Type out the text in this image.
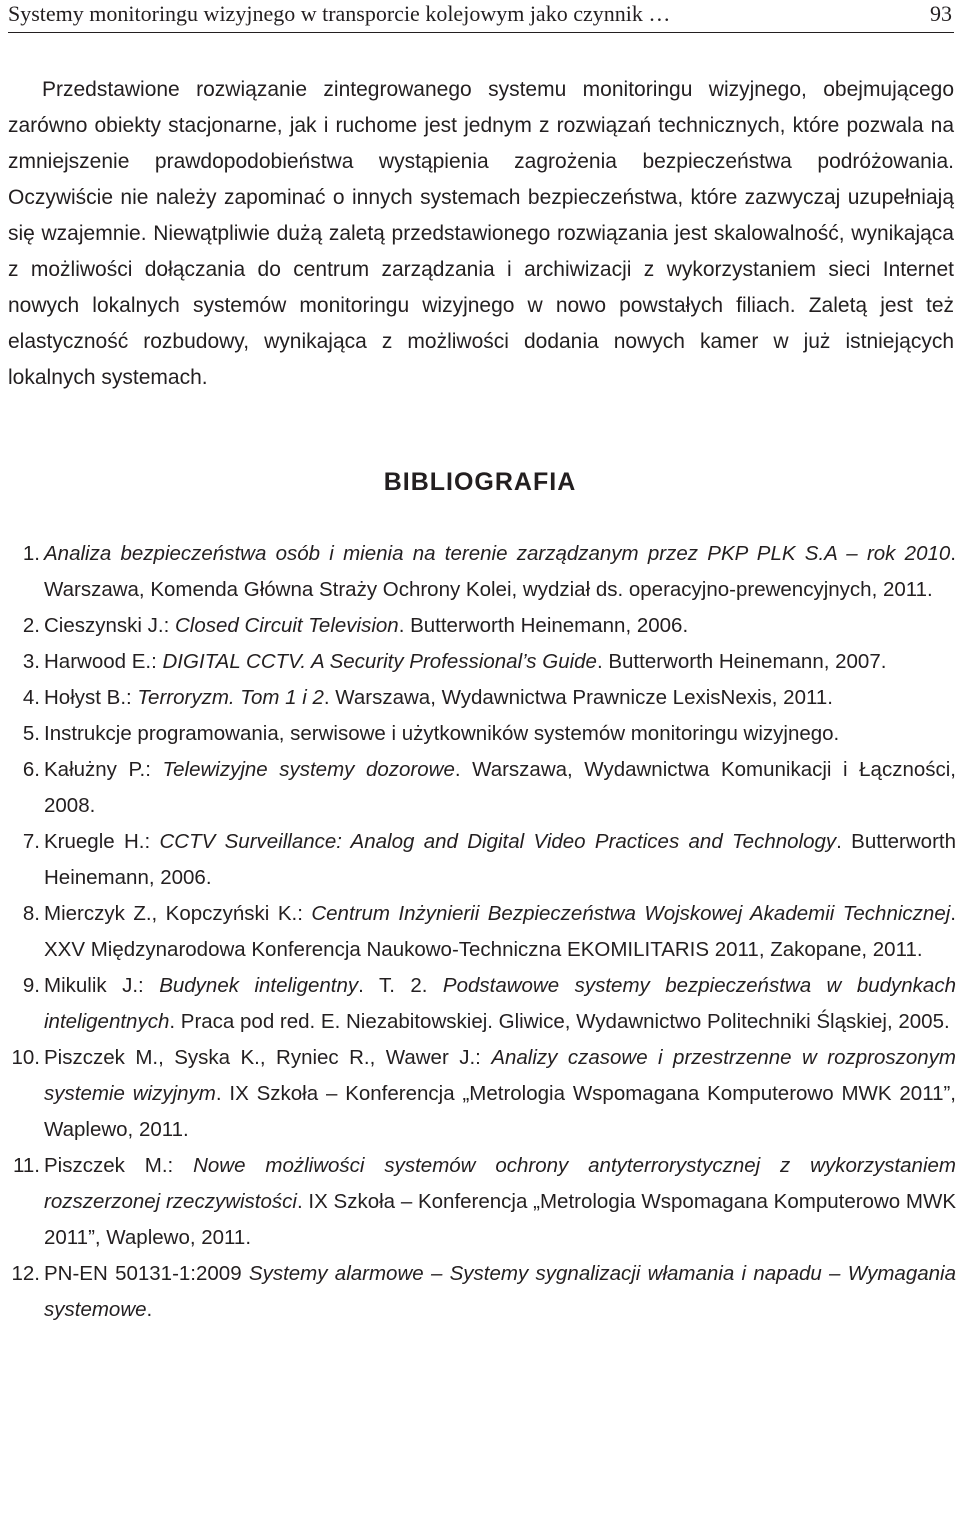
Systemy monitoringu wizyjnego w transporcie kolejowym jako czynnik …	93

Przedstawione rozwiązanie zintegrowanego systemu monitoringu wizyjnego, obejmującego zarówno obiekty stacjonarne, jak i ruchome jest jednym z rozwiązań technicznych, które pozwala na zmniejszenie prawdopodobieństwa wystąpienia zagrożenia bezpieczeństwa podróżowania. Oczywiście nie należy zapominać o innych systemach bezpieczeństwa, które zazwyczaj uzupełniają się wzajemnie. Niewątpliwie dużą zaletą przedstawionego rozwiązania jest skalowalność, wynikająca z możliwości dołączania do centrum zarządzania i archiwizacji z wykorzystaniem sieci Internet nowych lokalnych systemów monitoringu wizyjnego w nowo powstałych filiach. Zaletą jest też elastyczność rozbudowy, wynikająca z możliwości dodania nowych kamer w już istniejących lokalnych systemach.

BIBLIOGRAFIA
1. Analiza bezpieczeństwa osób i mienia na terenie zarządzanym przez PKP PLK S.A – rok 2010. Warszawa, Komenda Główna Straży Ochrony Kolei, wydział ds. operacyjno-prewencyjnych, 2011.
2. Cieszynski J.: Closed Circuit Television. Butterworth Heinemann, 2006.
3. Harwood E.: DIGITAL CCTV. A Security Professional’s Guide. Butterworth Heinemann, 2007.
4. Hołyst B.: Terroryzm. Tom 1 i 2. Warszawa, Wydawnictwa Prawnicze LexisNexis, 2011.
5. Instrukcje programowania, serwisowe i użytkowników systemów monitoringu wizyjnego.
6. Kałużny P.: Telewizyjne systemy dozorowe. Warszawa, Wydawnictwa Komunikacji i Łączności, 2008.
7. Kruegle H.: CCTV Surveillance: Analog and Digital Video Practices and Technology. Butterworth Heinemann, 2006.
8. Mierczyk Z., Kopczyński K.: Centrum Inżynierii Bezpieczeństwa Wojskowej Akademii Technicznej. XXV Międzynarodowa Konferencja Naukowo-Techniczna EKOMILITARIS 2011, Zakopane, 2011.
9. Mikulik J.: Budynek inteligentny. T. 2. Podstawowe systemy bezpieczeństwa w budynkach inteligentnych. Praca pod red. E. Niezabitowskiej. Gliwice, Wydawnictwo Politechniki Śląskiej, 2005.
10. Piszczek M., Syska K., Ryniec R., Wawer J.: Analizy czasowe i przestrzenne w rozproszonym systemie wizyjnym. IX Szkoła – Konferencja „Metrologia Wspomagana Komputerowo MWK 2011”, Waplewo, 2011.
11. Piszczek M.: Nowe możliwości systemów ochrony antyterrorystycznej z wykorzystaniem rozszerzonej rzeczywistości. IX Szkoła – Konferencja „Metrologia Wspomagana Komputerowo MWK 2011”, Waplewo, 2011.
12. PN-EN 50131-1:2009 Systemy alarmowe – Systemy sygnalizacji włamania i napadu – Wymagania systemowe.
